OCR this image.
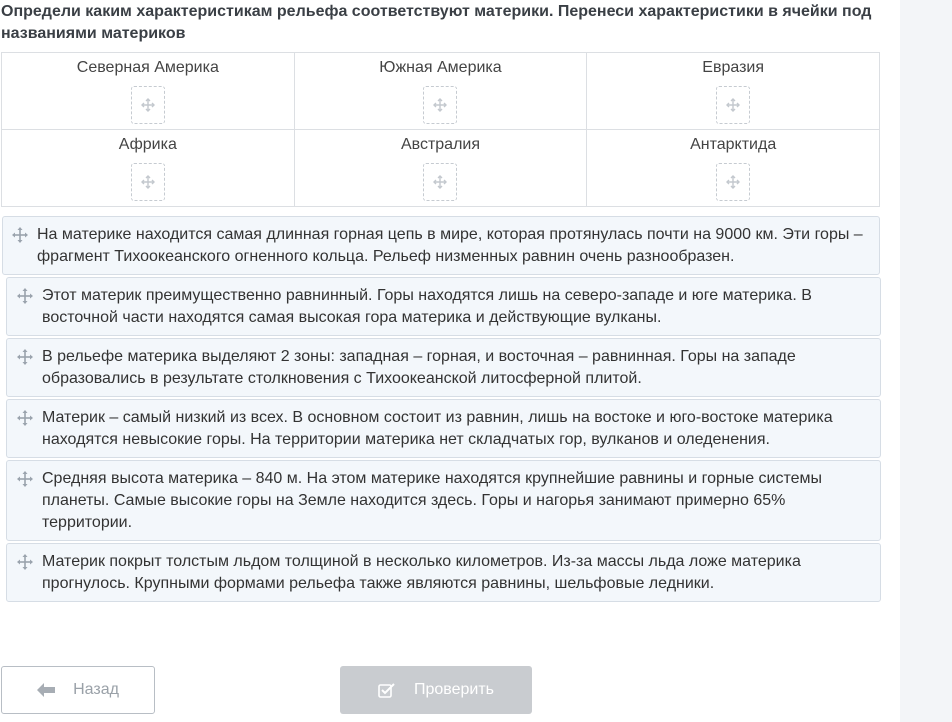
Определи каким характеристикам рельефа соответствуют материки. Перенеси характеристики в ячейки под названиями материков
Северная Америка	Южная Америка	Евразия

Африка	Австралия	Антарктида
На материке находится самая длинная горная цепь в мире, которая протянулась почти на 9000 км. Эти горы – фрагмент Тихоокеанского огненного кольца. Рельеф низменных равнин очень разнообразен.
Этот материк преимущественно равнинный. Горы находятся лишь на северо-западе и юге материка. В восточной части находятся самая высокая гора материка и действующие вулканы.
В рельефе материка выделяют 2 зоны: западная – горная, и восточная – равнинная. Горы на западе образовались в результате столкновения с Тихоокеанской литосферной плитой.
Материк – самый низкий из всех. В основном состоит из равнин, лишь на востоке и юго-востоке материка находятся невысокие горы. На территории материка нет складчатых гор, вулканов и оледенения.
Средняя высота материка – 840 м. На этом материке находятся крупнейшие равнины и горные системы планеты. Самые высокие горы на Земле находится здесь. Горы и нагорья занимают примерно 65% территории.
Материк покрыт толстым льдом толщиной в несколько километров. Из-за массы льда ложе материка прогнулось. Крупными формами рельефа также являются равнины, шельфовые ледники.
Назад	Проверить
